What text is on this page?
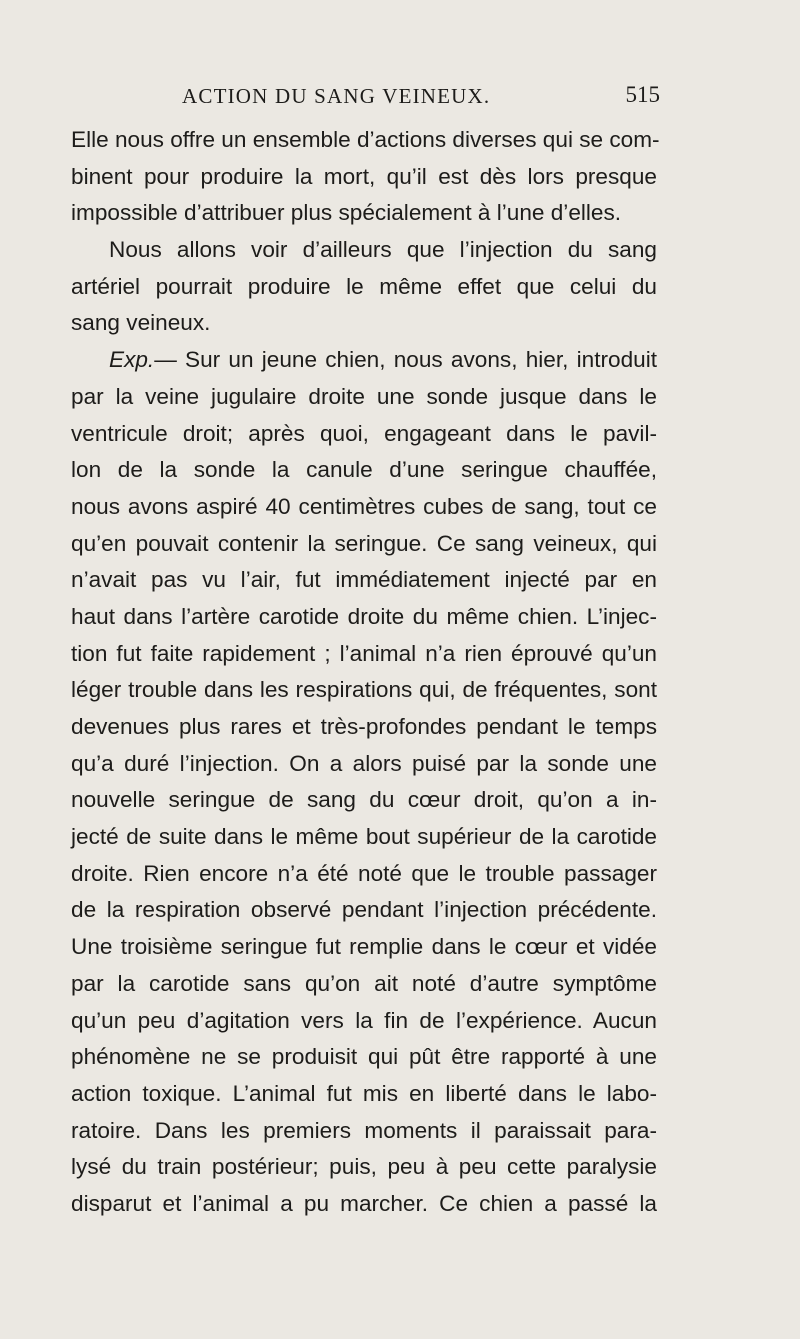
ACTION DU SANG VEINEUX.	515
Elle nous offre un ensemble d’actions diverses qui se com-
binent pour produire la mort, qu’il est dès lors presque
impossible d’attribuer plus spécialement à l’une d’elles.
Nous allons voir d’ailleurs que l’injection du sang
artériel pourrait produire le même effet que celui du
sang veineux.
Exp.— Sur un jeune chien, nous avons, hier, introduit
par la veine jugulaire droite une sonde jusque dans le
ventricule droit; après quoi, engageant dans le pavil-
lon de la sonde la canule d’une seringue chauffée,
nous avons aspiré 40 centimètres cubes de sang, tout ce
qu’en pouvait contenir la seringue. Ce sang veineux, qui
n’avait pas vu l’air, fut immédiatement injecté par en
haut dans l’artère carotide droite du même chien. L’injec-
tion fut faite rapidement ; l’animal n’a rien éprouvé qu’un
léger trouble dans les respirations qui, de fréquentes, sont
devenues plus rares et très-profondes pendant le temps
qu’a duré l’injection. On a alors puisé par la sonde une
nouvelle seringue de sang du cœur droit, qu’on a in-
jecté de suite dans le même bout supérieur de la carotide
droite. Rien encore n’a été noté que le trouble passager
de la respiration observé pendant l’injection précédente.
Une troisième seringue fut remplie dans le cœur et vidée
par la carotide sans qu’on ait noté d’autre symptôme
qu’un peu d’agitation vers la fin de l’expérience. Aucun
phénomène ne se produisit qui pût être rapporté à une
action toxique. L’animal fut mis en liberté dans le labo-
ratoire. Dans les premiers moments il paraissait para-
lysé du train postérieur; puis, peu à peu cette paralysie
disparut et l’animal a pu marcher. Ce chien a passé la
